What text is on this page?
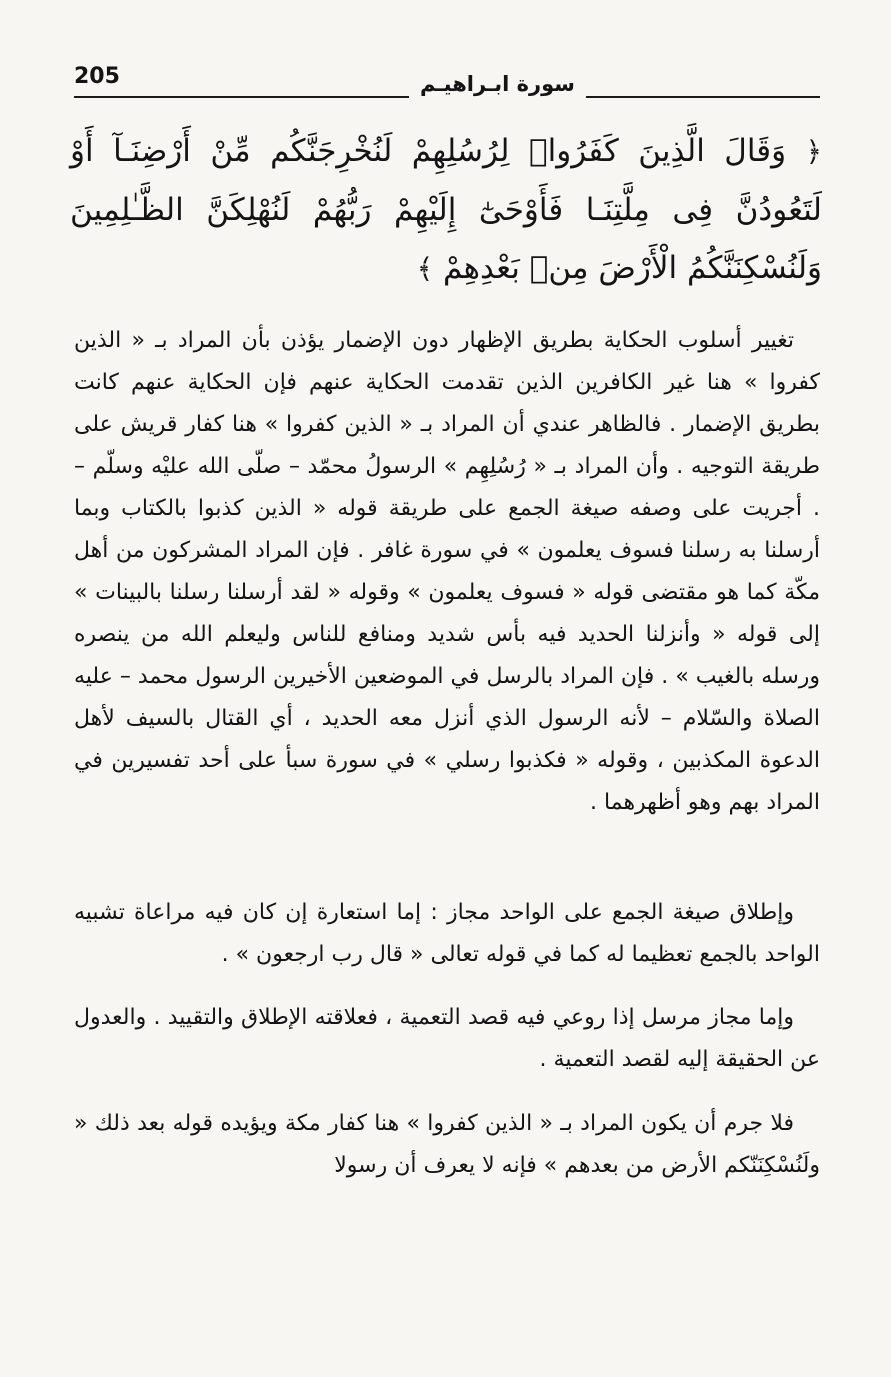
205	سورة ابـراهيـم
﴿ وَقَالَ الَّذِينَ كَفَرُوا۟ لِرُسُلِهِمْ لَنُخْرِجَنَّكُم مِّنْ أَرْضِنَـآ أَوْ لَتَعُودُنَّ فِى مِلَّتِنَـا فَأَوْحَىٰٓ إِلَيْهِمْ رَبُّهُمْ لَنُهْلِكَنَّ الظَّـٰلِمِينَ وَلَنُسْكِنَنَّكُمُ الْأَرْضَ مِنۢ بَعْدِهِمْ ﴾

تغيير أسلوب الحكاية بطريق الإظهار دون الإضمار يؤذن بأن المراد بـ « الذين كفروا » هنا غير الكافرين الذين تقدمت الحكاية عنهم فإن الحكاية عنهم كانت بطريق الإضمار . فالظاهر عندي أن المراد بـ « الذين كفروا » هنا كفار قريش على طريقة التوجيه . وأن المراد بـ « رُسُلِهِم » الرسولُ محمّد – صلّى الله عليْه وسلّم – . أجريت على وصفه صيغة الجمع على طريقة قوله « الذين كذبوا بالكتاب وبما أرسلنا به رسلنا فسوف يعلمون » في سورة غافر . فإن المراد المشركون من أهل مكّة كما هو مقتضى قوله « فسوف يعلمون » وقوله « لقد أرسلنا رسلنا بالبينات » إلى قوله « وأنزلنا الحديد فيه بأس شديد ومنافع للناس وليعلم الله من ينصره ورسله بالغيب » . فإن المراد بالرسل في الموضعين الأخيرين الرسول محمد – عليه الصلاة والسّلام – لأنه الرسول الذي أنزل معه الحديد ، أي القتال بالسيف لأهل الدعوة المكذبين ، وقوله « فكذبوا رسلي » في سورة سبأ على أحد تفسيرين في المراد بهم وهو أظهرهما .

وإطلاق صيغة الجمع على الواحد مجاز : إما استعارة إن كان فيه مراعاة تشبيه الواحد بالجمع تعظيما له كما في قوله تعالى « قال رب ارجعون » .

وإما مجاز مرسل إذا روعي فيه قصد التعمية ، فعلاقته الإطلاق والتقييد . والعدول عن الحقيقة إليه لقصد التعمية .

فلا جرم أن يكون المراد بـ « الذين كفروا » هنا كفار مكة ويؤيده قوله بعد ذلك « ولَنُسْكِنَنّكم الأرض من بعدهم » فإنه لا يعرف أن رسولا
